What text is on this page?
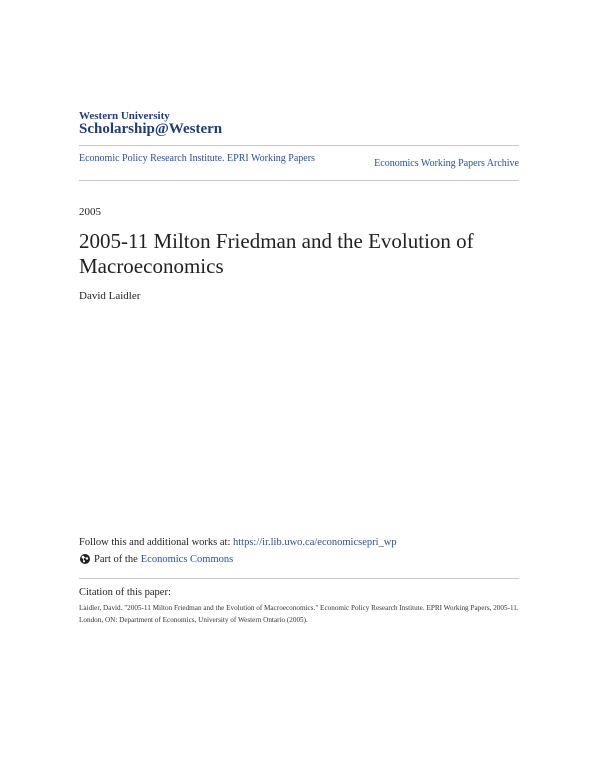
Western University
Scholarship@Western
Economic Policy Research Institute. EPRI Working Papers	Economics Working Papers Archive
2005
2005-11 Milton Friedman and the Evolution of Macroeconomics
David Laidler
Follow this and additional works at: https://ir.lib.uwo.ca/economicsepri_wp
Part of the Economics Commons
Citation of this paper:
Laidler, David. "2005-11 Milton Friedman and the Evolution of Macroeconomics." Economic Policy Research Institute. EPRI Working Papers, 2005-11. London, ON: Department of Economics, University of Western Ontario (2005).
